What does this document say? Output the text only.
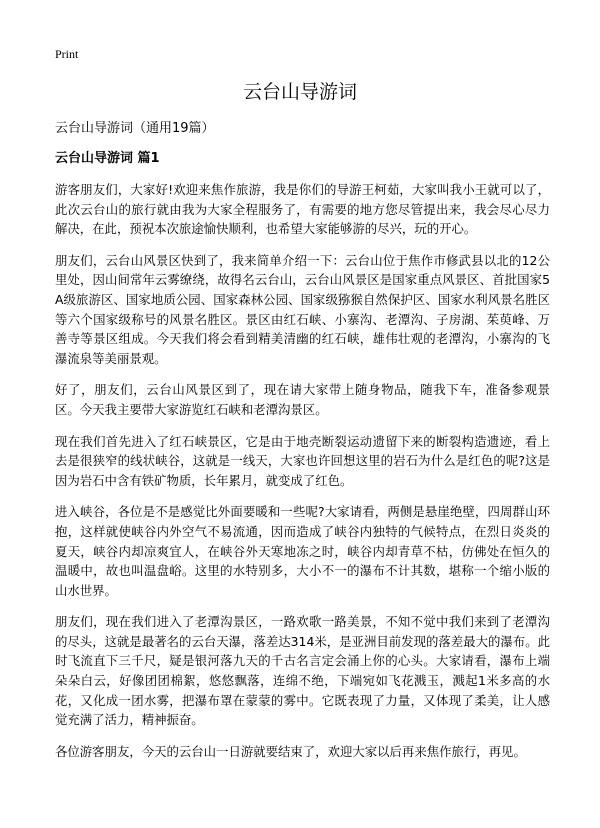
Print
云台山导游词
云台山导游词（通用19篇）
云台山导游词 篇1

游客朋友们，大家好!欢迎来焦作旅游，我是你们的导游王柯茹，大家叫我小王就可以了，此次云台山的旅行就由我为大家全程服务了，有需要的地方您尽管提出来，我会尽心尽力解决，在此，预祝本次旅途愉快顺利，也希望大家能够游的尽兴，玩的开心。

朋友们，云台山风景区快到了，我来简单介绍一下：云台山位于焦作市修武县以北的12公里处，因山间常年云雾缭绕，故得名云台山，云台山风景区是国家重点风景区、首批国家5A级旅游区、国家地质公园、国家森林公园、国家级猕猴自然保护区、国家水利风景名胜区等六个国家级称号的风景名胜区。景区由红石峡、小寨沟、老潭沟、子房湖、茱萸峰、万善寺等景区组成。今天我们将会看到精美清幽的红石峡，雄伟壮观的老潭沟，小寨沟的飞瀑流泉等美丽景观。

好了，朋友们，云台山风景区到了，现在请大家带上随身物品，随我下车，准备参观景区。今天我主要带大家游览红石峡和老潭沟景区。

现在我们首先进入了红石峡景区，它是由于地壳断裂运动遗留下来的断裂构造遗迹，看上去是很狭窄的线状峡谷，这就是一线天，大家也许回想这里的岩石为什么是红色的呢?这是因为岩石中含有铁矿物质，长年累月，就变成了红色。

进入峡谷，各位是不是感觉比外面要暖和一些呢?大家请看，两侧是悬崖绝壁，四周群山环抱，这样就使峡谷内外空气不易流通，因而造成了峡谷内独特的气候特点，在烈日炎炎的夏天，峡谷内却凉爽宜人，在峡谷外天寒地冻之时，峡谷内却青草不枯，仿佛处在恒久的温暖中，故也叫温盘峪。这里的水特别多，大小不一的瀑布不计其数，堪称一个缩小版的山水世界。

朋友们，现在我们进入了老潭沟景区，一路欢歌一路美景，不知不觉中我们来到了老潭沟的尽头，这就是最著名的云台天瀑，落差达314米，是亚洲目前发现的落差最大的瀑布。此时飞流直下三千尺，疑是银河落九天的千古名言定会涌上你的心头。大家请看，瀑布上端朵朵白云，好像团团棉絮，悠悠飘落，连绵不绝，下端宛如飞花溅玉，溅起1米多高的水花，又化成一团水雾，把瀑布罩在蒙蒙的雾中。它既表现了力量，又体现了柔美，让人感觉充满了活力，精神振奋。

各位游客朋友，今天的云台山一日游就要结束了，欢迎大家以后再来焦作旅行，再见。
